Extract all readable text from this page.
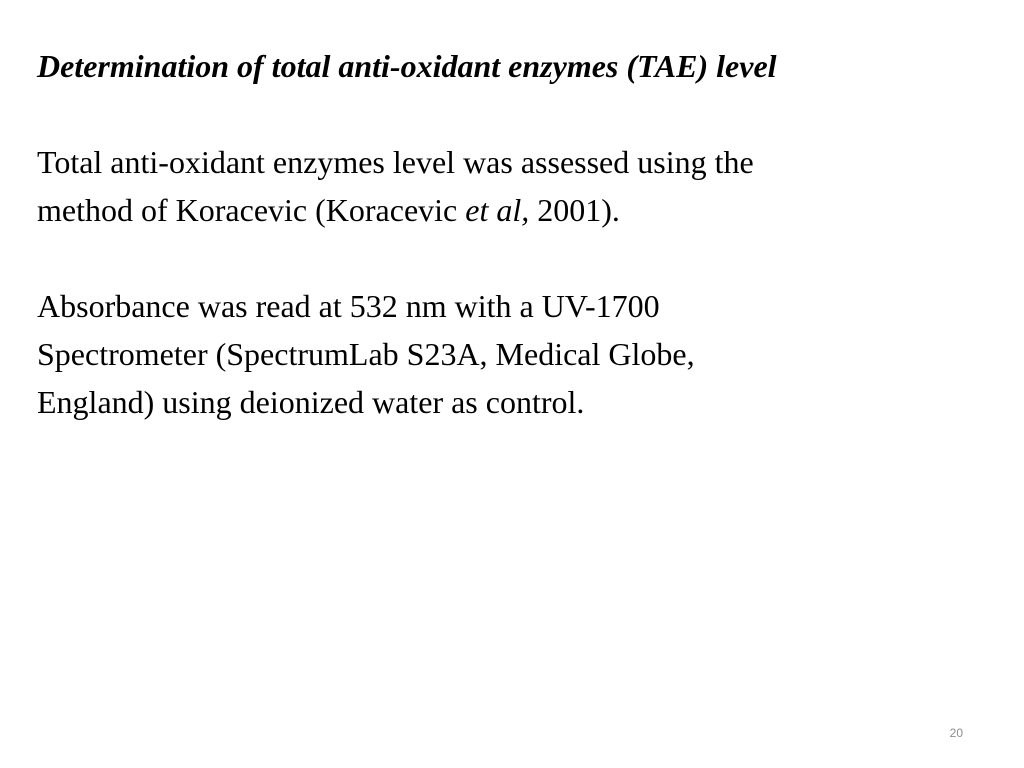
Determination of total anti-oxidant enzymes (TAE) level

Total anti-oxidant enzymes level was assessed using the
method of Koracevic (Koracevic et al, 2001).

Absorbance was read at 532 nm with a UV-1700
Spectrometer (SpectrumLab S23A, Medical Globe,
England) using deionized water as control.

20
